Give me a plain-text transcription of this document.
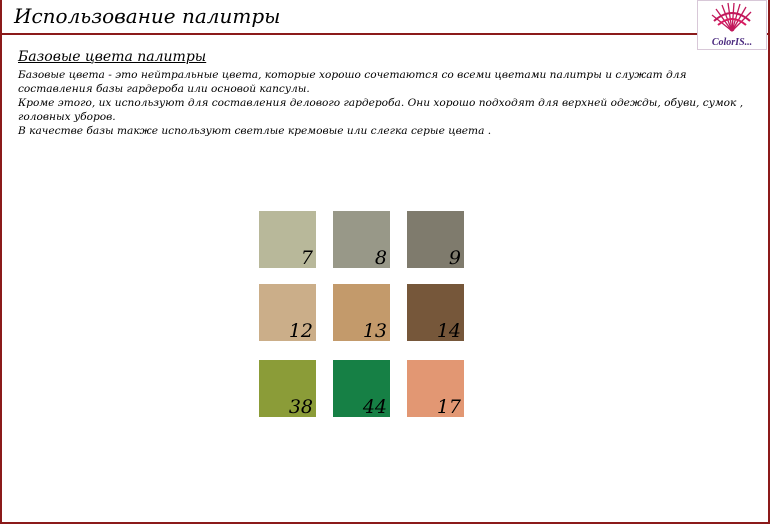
Использование палитры
ColorIS...
Базовые цвета палитры

Базовые цвета - это нейтральные цвета, которые хорошо сочетаются со всеми цветами палитры и служат для составления базы гардероба или основой капсулы.

Кроме этого, их используют для составления делового гардероба. Они хорошо подходят для верхней одежды, обуви, сумок , головных уборов.

В качестве базы также используют светлые кремовые или слегка серые цвета .

7	8	9
12	13	14
38	44	17
